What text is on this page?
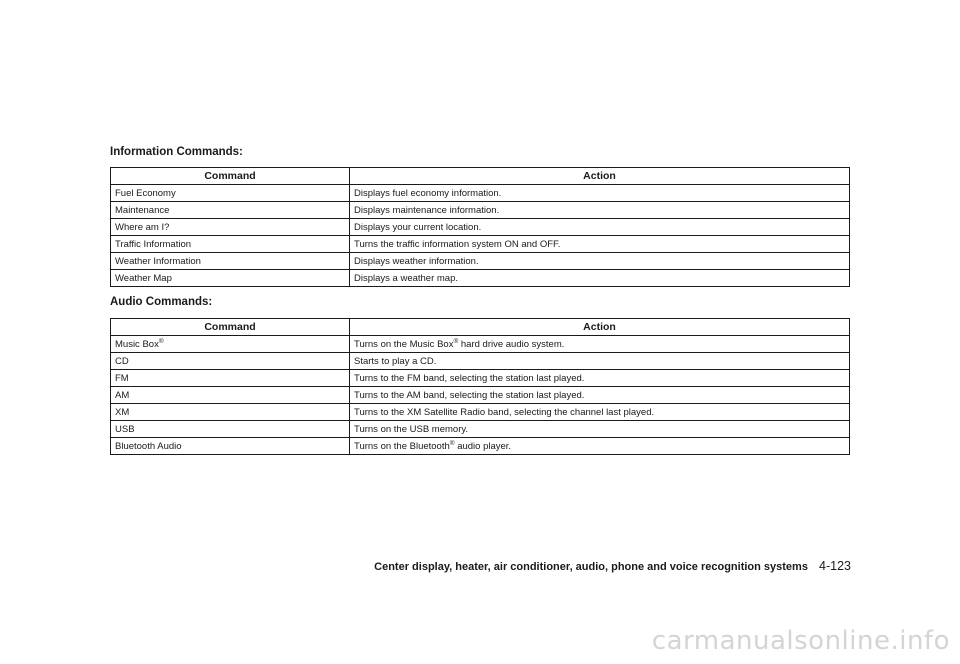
Information Commands:
Command	Action
Fuel Economy	Displays fuel economy information.
Maintenance	Displays maintenance information.
Where am I?	Displays your current location.
Traffic Information	Turns the traffic information system ON and OFF.
Weather Information	Displays weather information.
Weather Map	Displays a weather map.
Audio Commands:
Command	Action
Music Box®	Turns on the Music Box® hard drive audio system.
CD	Starts to play a CD.
FM	Turns to the FM band, selecting the station last played.
AM	Turns to the AM band, selecting the station last played.
XM	Turns to the XM Satellite Radio band, selecting the channel last played.
USB	Turns on the USB memory.
Bluetooth Audio	Turns on the Bluetooth® audio player.
Center display, heater, air conditioner, audio, phone and voice recognition systems 4-123
carmanualsonline.info
